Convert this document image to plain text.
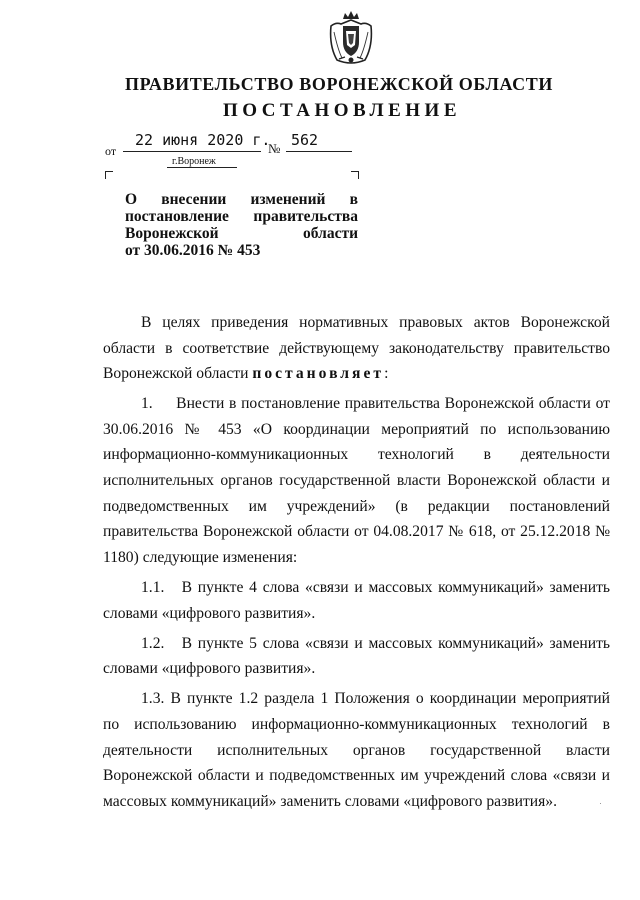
ПРАВИТЕЛЬСТВО ВОРОНЕЖСКОЙ ОБЛАСТИ
ПОСТАНОВЛЕНИЕ
от
22 июня 2020 г.
№ 562
г.Воронеж
О внесении изменений в
постановление правительства
Воронежской области
от 30.06.2016 № 453

В целях приведения нормативных правовых актов Воронежской области в соответствие действующему законодательству правительство Воронежской области постановляет:

1.     Внести в постановление правительства Воронежской области от 30.06.2016 № 453 «О координации мероприятий по использованию информационно-коммуникационных технологий в деятельности исполнительных органов государственной власти Воронежской области и подведомственных им учреждений» (в редакции постановлений правительства Воронежской области от 04.08.2017 № 618, от 25.12.2018 № 1180) следующие изменения:

1.1.   В пункте 4 слова «связи и массовых коммуникаций» заменить словами «цифрового развития».

1.2.   В пункте 5 слова «связи и массовых коммуникаций» заменить словами «цифрового развития».

1.3. В пункте 1.2 раздела 1 Положения о координации мероприятий по использованию информационно-коммуникационных технологий в деятельности исполнительных органов государственной власти Воронежской области и подведомственных им учреждений слова «связи и массовых коммуникаций» заменить словами «цифрового развития».
